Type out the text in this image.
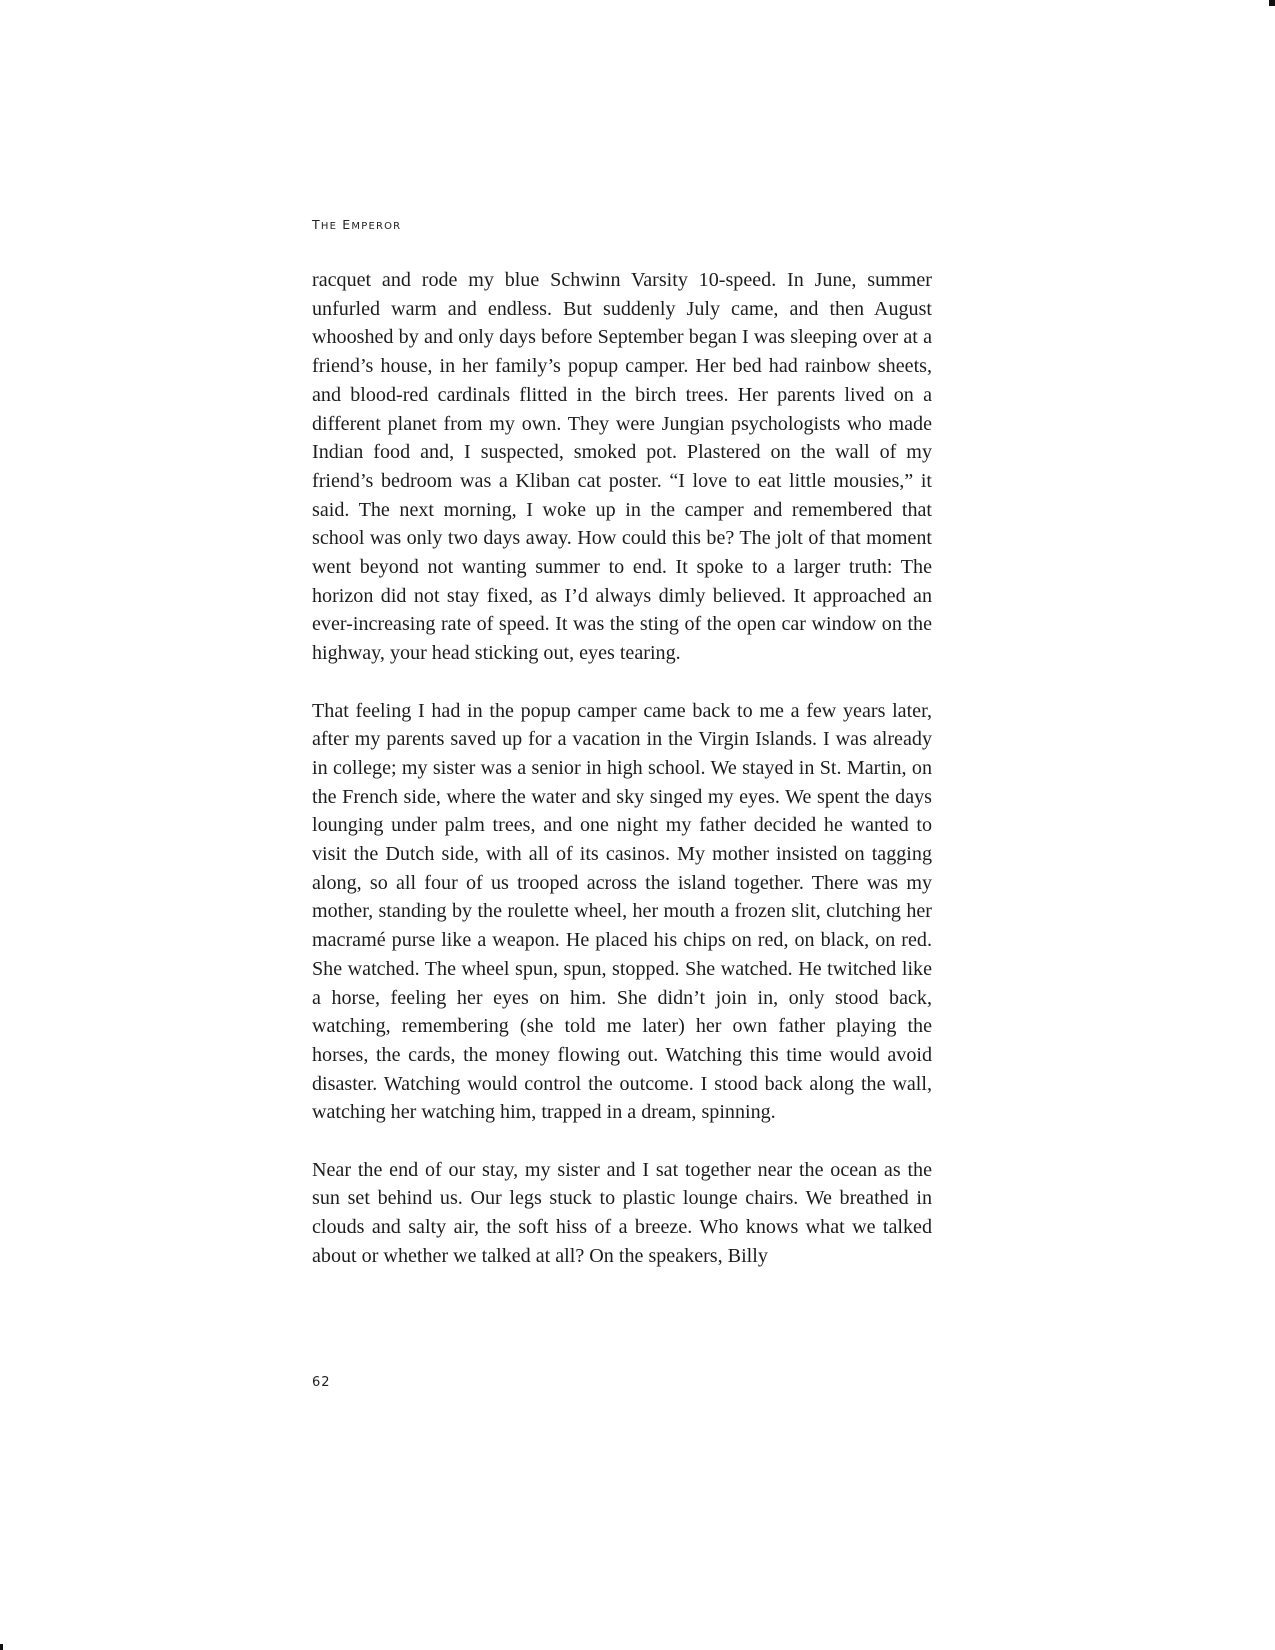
THE EMPEROR

racquet and rode my blue Schwinn Varsity 10-speed. In June, summer unfurled warm and endless. But suddenly July came, and then August whooshed by and only days before September began I was sleeping over at a friend’s house, in her family’s popup camper. Her bed had rainbow sheets, and blood-red cardinals flitted in the birch trees. Her parents lived on a different planet from my own. They were Jungian psychologists who made Indian food and, I suspected, smoked pot. Plastered on the wall of my friend’s bedroom was a Kliban cat poster. “I love to eat little mousies,” it said. The next morning, I woke up in the camper and remembered that school was only two days away. How could this be? The jolt of that moment went beyond not wanting summer to end. It spoke to a larger truth: The horizon did not stay fixed, as I’d always dimly believed. It approached an ever-increasing rate of speed. It was the sting of the open car window on the highway, your head sticking out, eyes tearing.

That feeling I had in the popup camper came back to me a few years later, after my parents saved up for a vacation in the Virgin Islands. I was already in college; my sister was a senior in high school. We stayed in St. Martin, on the French side, where the water and sky singed my eyes. We spent the days lounging under palm trees, and one night my father decided he wanted to visit the Dutch side, with all of its casinos. My mother insisted on tagging along, so all four of us trooped across the island together. There was my mother, standing by the roulette wheel, her mouth a frozen slit, clutching her macramé purse like a weapon. He placed his chips on red, on black, on red. She watched. The wheel spun, spun, stopped. She watched. He twitched like a horse, feeling her eyes on him. She didn’t join in, only stood back, watching, remembering (she told me later) her own father playing the horses, the cards, the money flowing out. Watching this time would avoid disaster. Watching would control the outcome. I stood back along the wall, watching her watching him, trapped in a dream, spinning.

Near the end of our stay, my sister and I sat together near the ocean as the sun set behind us. Our legs stuck to plastic lounge chairs. We breathed in clouds and salty air, the soft hiss of a breeze. Who knows what we talked about or whether we talked at all? On the speakers, Billy

62
